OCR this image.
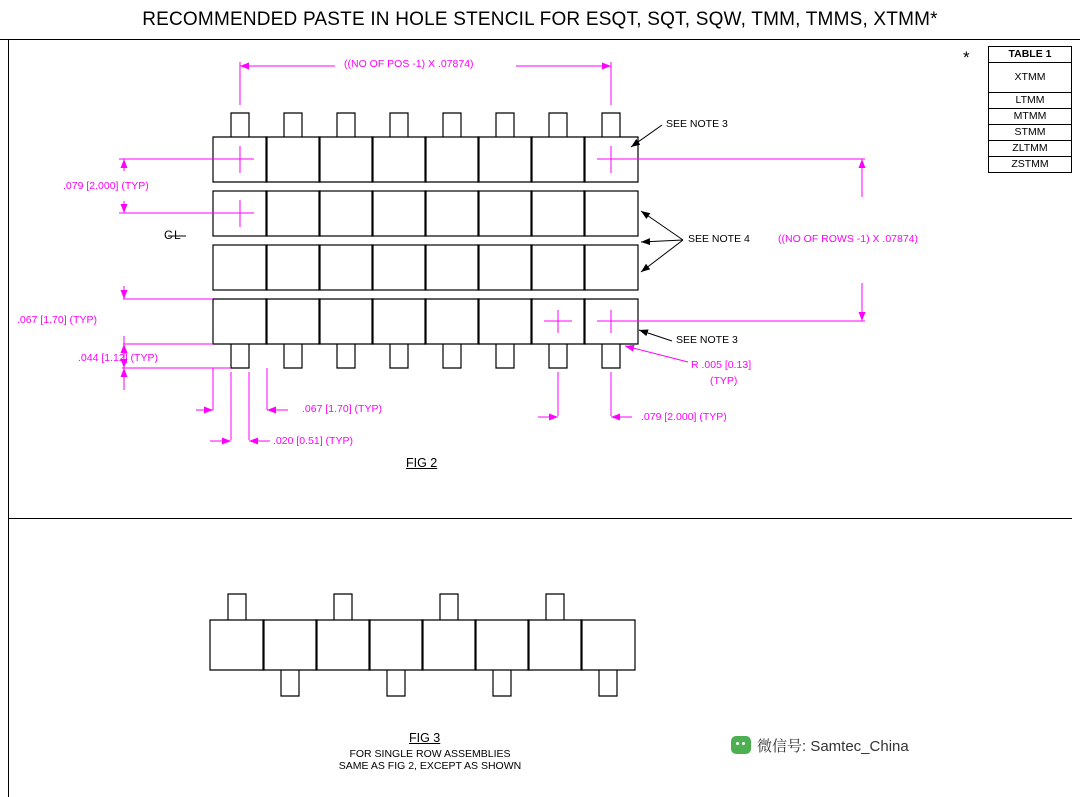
RECOMMENDED PASTE IN HOLE STENCIL FOR ESQT, SQT, SQW, TMM, TMMS, XTMM*
((NO OF POS -1) X .07874)
((NO OF ROWS -1) X .07874)
.079 [2.000] (TYP)
.067 [1.70] (TYP)
.044 [1.12] (TYP)
.067 [1.70] (TYP)
.020 [0.51] (TYP)
.079 [2.000] (TYP)
R .005 [0.13]
(TYP)
SEE NOTE 3
SEE NOTE 4
SEE NOTE 3
C L
FIG 2
FIG 3
FOR SINGLE ROW ASSEMBLIES
SAME AS FIG 2, EXCEPT AS SHOWN
*	TABLE 1
XTMM
LTMM
MTMM
STMM
ZLTMM
ZSTMM
微信号: Samtec_China
